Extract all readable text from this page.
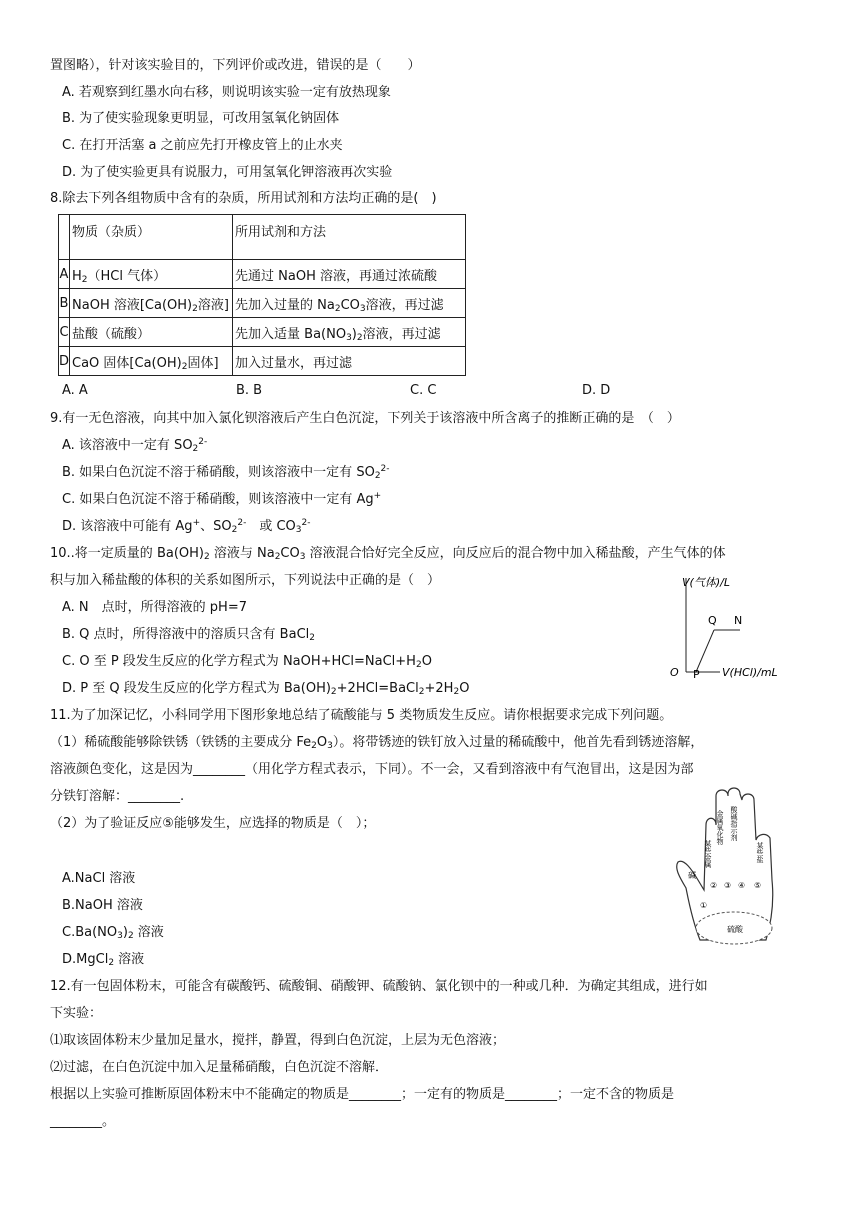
置图略），针对该实验目的，下列评价或改进，错误的是（　　）
A. 若观察到红墨水向右移，则说明该实验一定有放热现象
B. 为了使实验现象更明显，可改用氢氧化钠固体
C. 在打开活塞 a 之前应先打开橡皮管上的止水夹
D. 为了使实验更具有说服力，可用氢氧化钾溶液再次实验
8.除去下列各组物质中含有的杂质，所用试剂和方法均正确的是(　)
	物质（杂质）	所用试剂和方法
A	$H_2(HCl$ 气体）	先通过 NaOH 溶液，再通过浓硫酸
B	NaOH 溶液[$Ca(OH)_2$溶液]	先加入过量的 $Na_2CO_3$溶液，再过滤
C	盐酸（硫酸）	先加入适量 $Ba(NO_3)_2$溶液，再过滤
D	CaO 固体[$Ca(OH)_2$固体]	加入过量水，再过滤
A. A	B. B	C. C	D. D
9.有一无色溶液，向其中加入氯化钡溶液后产生白色沉淀，下列关于该溶液中所含离子的推断正确的是　（　）
A. 该溶液中一定有 $SO_2^{2-}$
B. 如果白色沉淀不溶于稀硝酸，则该溶液中一定有 $SO_2^{2-}$
C. 如果白色沉淀不溶于稀硝酸，则该溶液中一定有 Ag+
D. 该溶液中可能有 Ag+、$SO_2^{2-}$　或 $CO_3^{2-}$
10..将一定质量的 $Ba(OH)_2$ 溶液与 $Na_2CO_3$ 溶液混合恰好完全反应，向反应后的混合物中加入稀盐酸，产生气体的体
积与加入稀盐酸的体积的关系如图所示，下列说法中正确的是（　）
A. N　点时，所得溶液的 pH=7
B. Q 点时，所得溶液中的溶质只含有 BaCl$_2$
C. O 至 P 段发生反应的化学方程式为 $NaOH+HCl=NaCl+H_2O$
D. P 至 Q 段发生反应的化学方程式为 $Ba(OH)_2+2HCl=BaCl_2+2H_2O$
V(气体)/L
O P
Q N
V(HCl)/mL
11.为了加深记忆，小科同学用下图形象地总结了硫酸能与 5 类物质发生反应。请你根据要求完成下列问题。
（1）稀硫酸能够除铁锈（铁锈的主要成分 $Fe_2O_3$）。将带锈迹的铁钉放入过量的稀硫酸中，他首先看到锈迹溶解，
溶液颜色变化，这是因为________（用化学方程式表示，下同）。不一会，又看到溶液中有气泡冒出，这是因为部
分铁钉溶解：________.
（2）为了验证反应⑤能够发生，应选择的物质是（　）；
A.NaCl 溶液
B.NaOH 溶液
$C.Ba(NO_3)_2$ 溶液
D.MgCl$_2$ 溶液
硫酸
碱
某些金属
金属氧化物 酸碱指示剂
某些盐
①
② ③ ④ ⑤
12.有一包固体粉末，可能含有碳酸钙、硫酸铜、硝酸钾、硫酸钠、氯化钡中的一种或几种．为确定其组成，进行如
下实验：
⑴取该固体粉末少量加足量水，搅拌，静置，得到白色沉淀，上层为无色溶液；
⑵过滤，在白色沉淀中加入足量稀硝酸，白色沉淀不溶解．
根据以上实验可推断原固体粉末中不能确定的物质是________；一定有的物质是________；一定不含的物质是
________。
